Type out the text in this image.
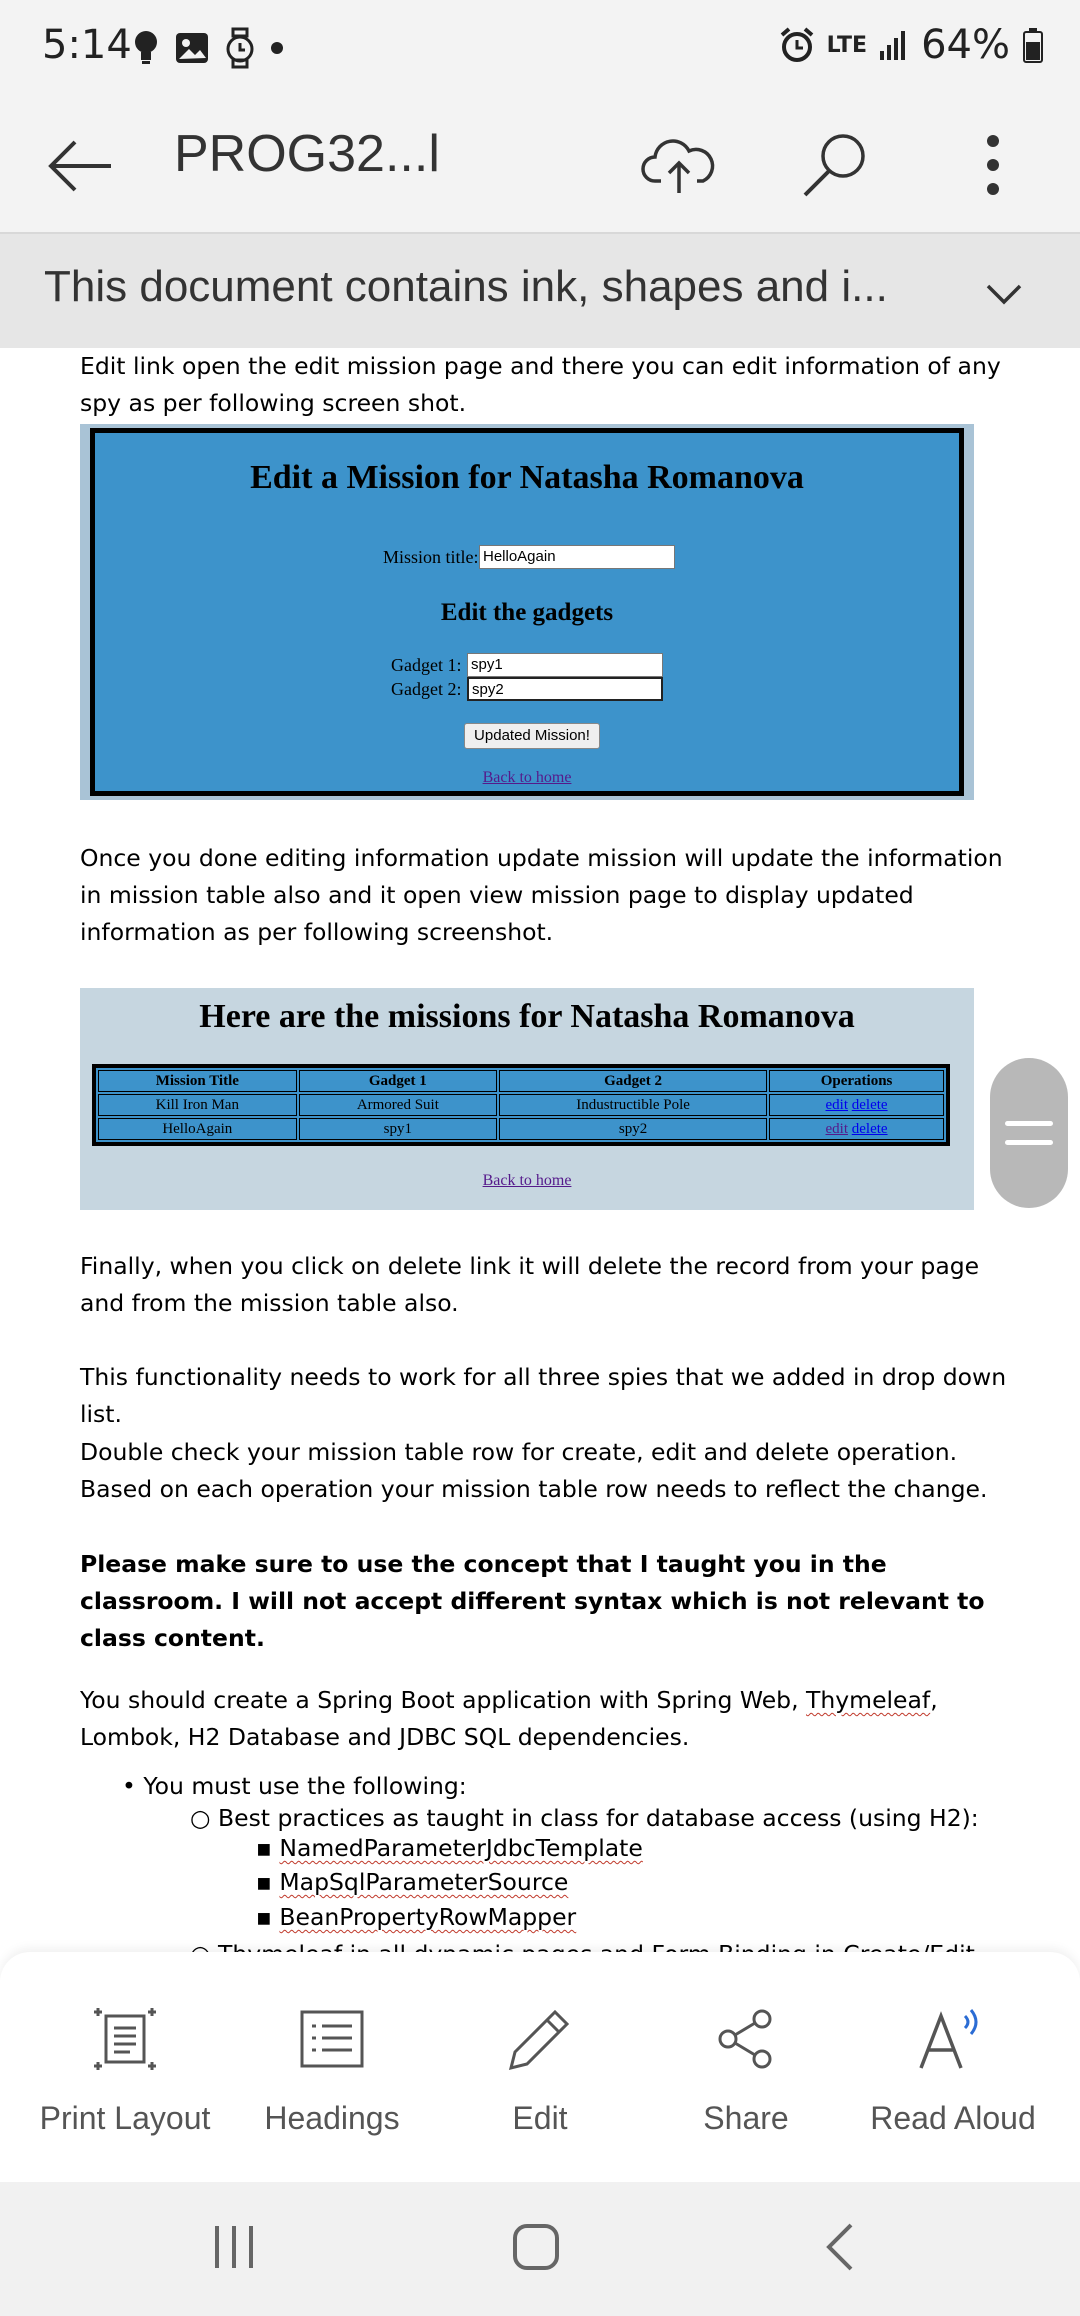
5:14	LTE 64%
PROG32...l
This document contains ink, shapes and i...
Edit link open the edit mission page and there you can edit information of any spy as per following screen shot.
Edit a Mission for Natasha Romanova
Mission title: HelloAgain
Edit the gadgets
Gadget 1: spy1
Gadget 2: spy2
Updated Mission!
Back to home
Once you done editing information update mission will update the information in mission table also and it open view mission page to display updated information as per following screenshot.
Here are the missions for Natasha Romanova
Mission Title	Gadget 1	Gadget 2	Operations
Kill Iron Man	Armored Suit	Industructible Pole	edit delete
HelloAgain	spy1	spy2	edit delete
Back to home
Finally, when you click on delete link it will delete the record from your page and from the mission table also.
This functionality needs to work for all three spies that we added in drop down list.
Double check your mission table row for create, edit and delete operation. Based on each operation your mission table row needs to reflect the change.
Please make sure to use the concept that I taught you in the classroom. I will not accept different syntax which is not relevant to class content.
You should create a Spring Boot application with Spring Web, Thymeleaf, Lombok, H2 Database and JDBC SQL dependencies.
• You must use the following:
○ Best practices as taught in class for database access (using H2):
▪ NamedParameterJdbcTemplate
▪ MapSqlParameterSource
▪ BeanPropertyRowMapper
Print Layout	Headings	Edit	Share	Read Aloud
